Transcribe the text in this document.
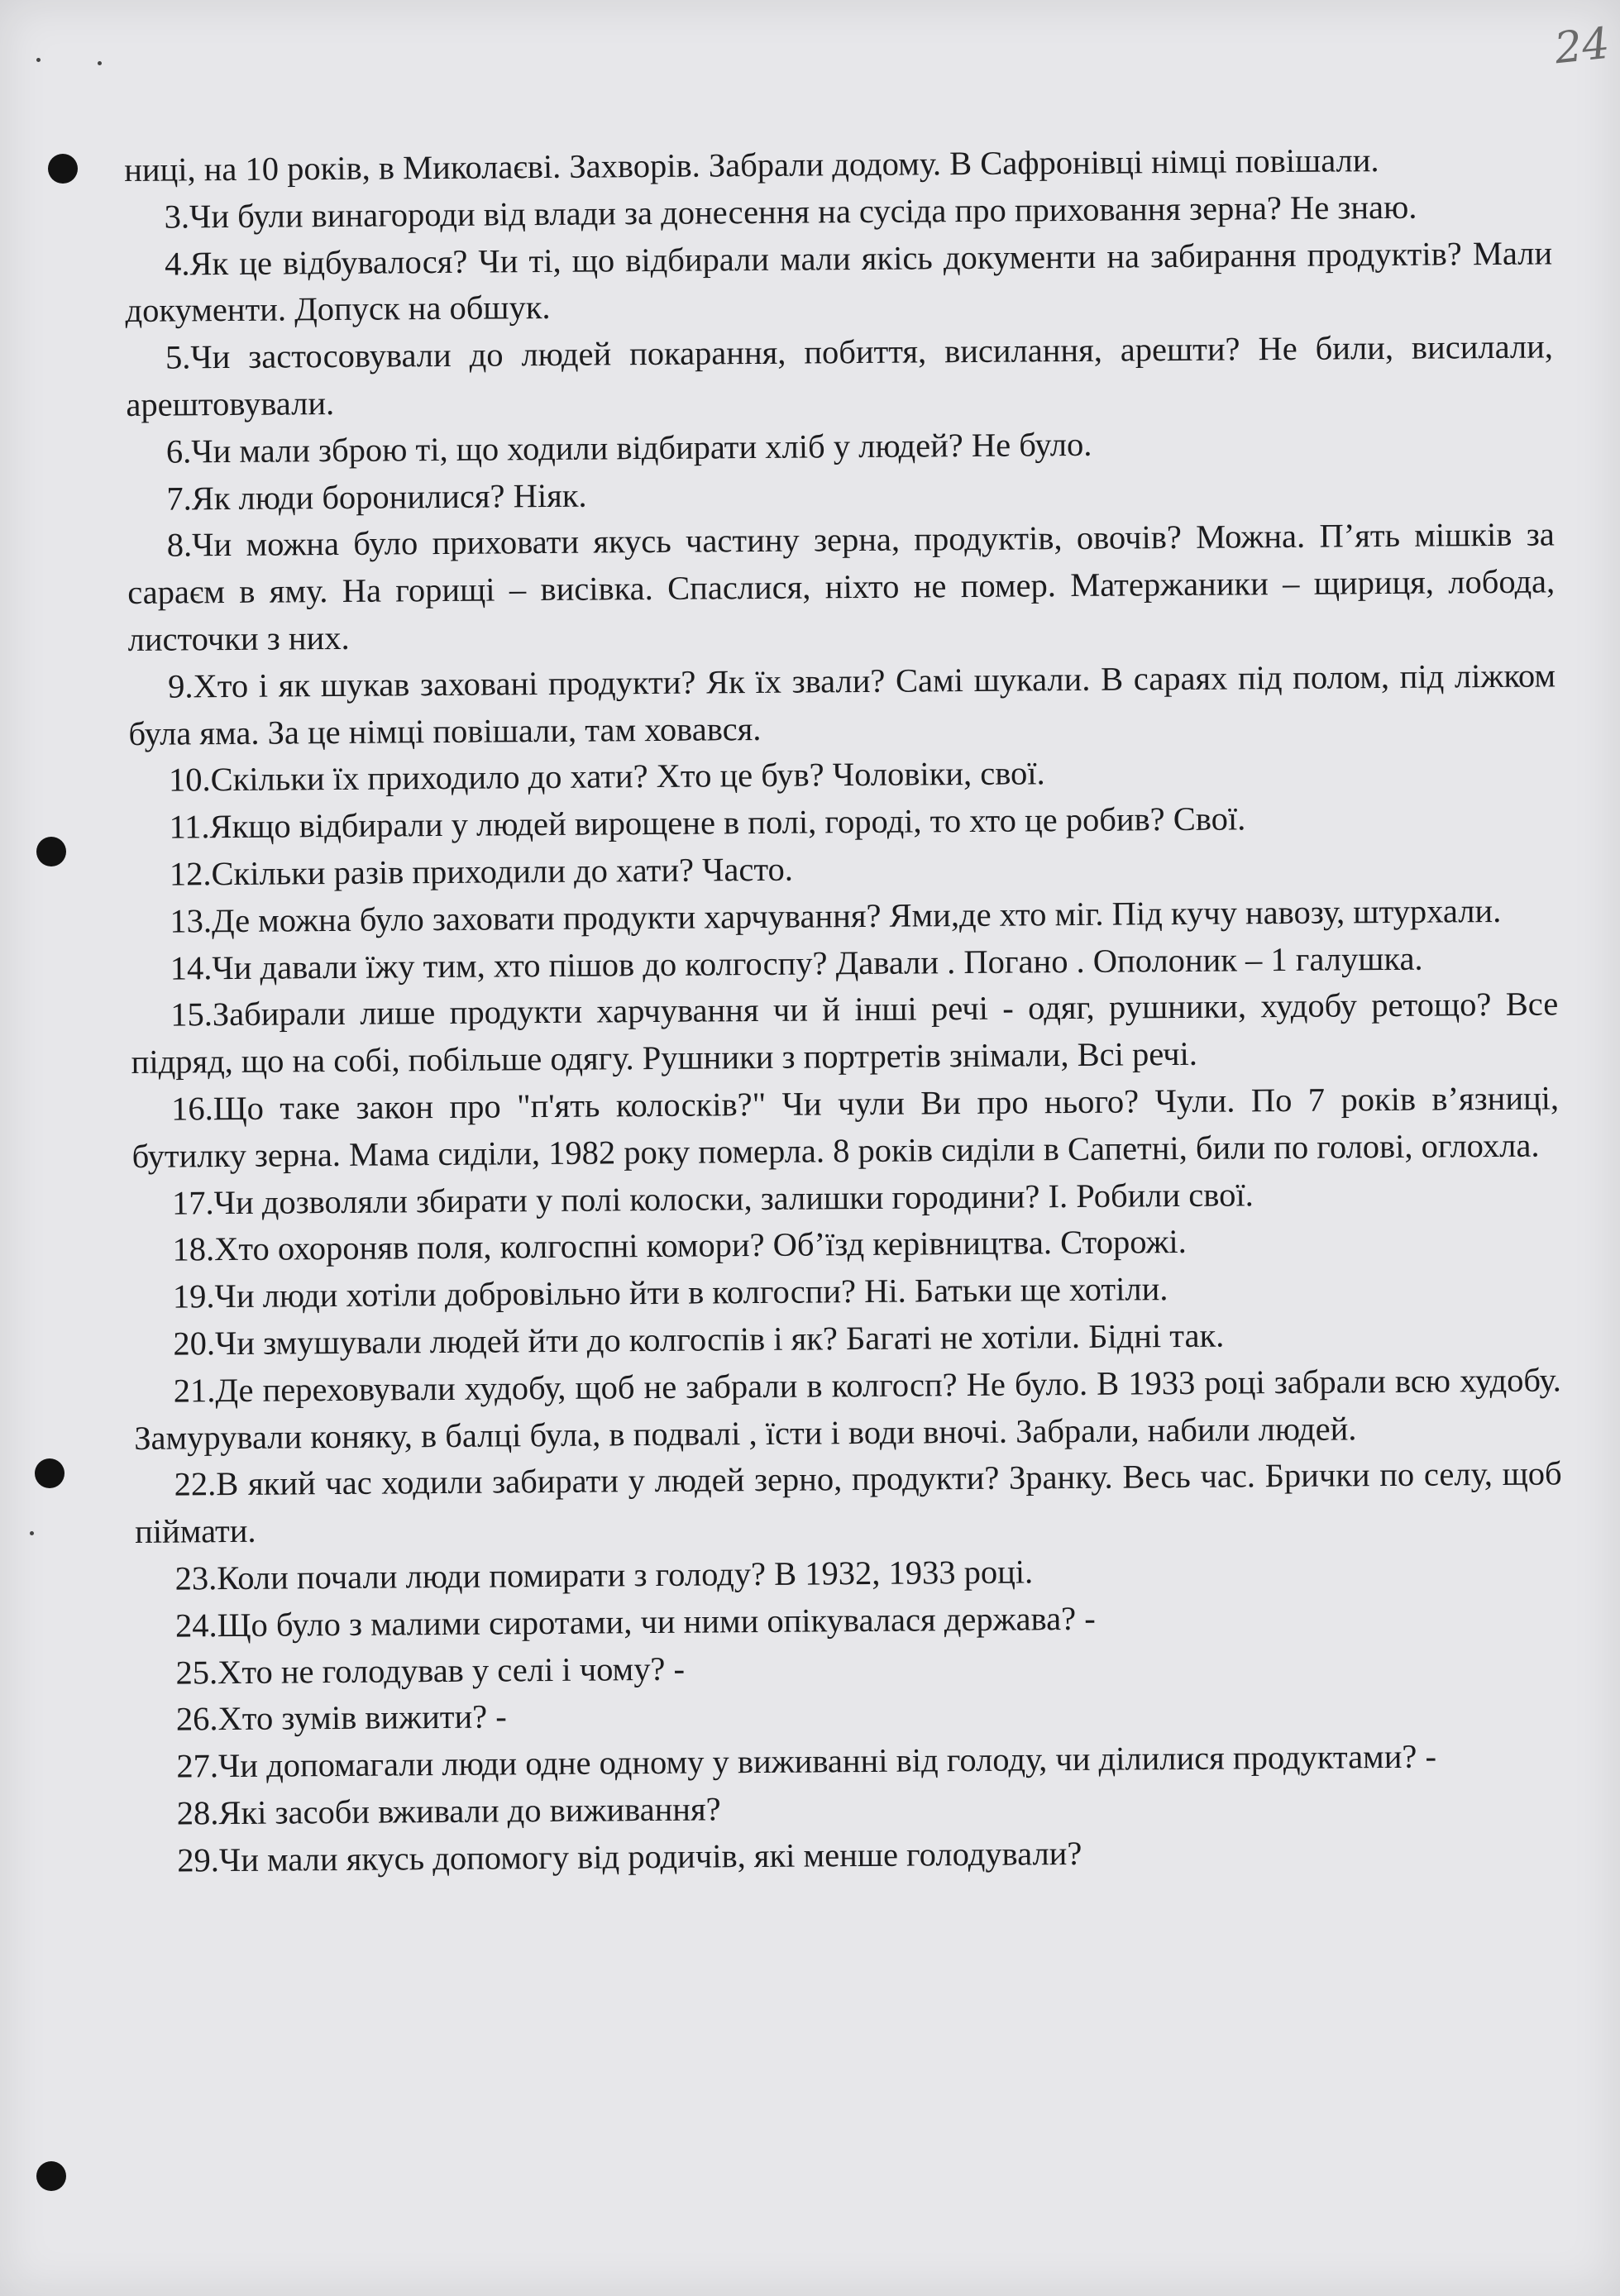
24

ниці, на 10 років, в Миколаєві. Захворів. Забрали додому. В Сафронівці німці повішали.

3.Чи були винагороди від влади за донесення на сусіда про приховання зерна? Не знаю.

4.Як це відбувалося? Чи ті, що відбирали мали якісь документи на забирання продуктів? Мали документи. Допуск на обшук.

5.Чи застосовували до людей покарання, побиття, висилання, арешти? Не били, висилали, арештовували.

6.Чи мали зброю ті, що ходили відбирати хліб у людей? Не було.

7.Як люди боронилися? Ніяк.

8.Чи можна було приховати якусь частину зерна, продуктів, овочів? Можна. П’ять мішків за сараєм в яму. На горищі – висівка. Спаслися, ніхто не помер. Матержаники – щириця, лобода, листочки з них.

9.Хто і як шукав заховані продукти? Як їх звали? Самі шукали. В сараях під полом, під ліжком була яма. За це німці повішали, там ховався.

10.Скільки їх приходило до хати? Хто це був? Чоловіки, свої.

11.Якщо відбирали у людей вирощене в полі, городі, то хто це робив? Свої.

12.Скільки разів приходили до хати? Часто.

13.Де можна було заховати продукти харчування? Ями,де хто міг. Під кучу навозу, штурхали.

14.Чи давали їжу тим, хто пішов до колгоспу? Давали . Погано . Ополоник – 1 галушка.

15.Забирали лише продукти харчування чи й інші речі - одяг, рушники, худобу ретощо? Все підряд, що на собі, побільше одягу. Рушники з портретів знімали, Всі речі.

16.Що таке закон про "п'ять колосків?" Чи чули Ви про нього? Чули. По 7 років в’язниці, бутилку зерна. Мама сиділи, 1982 року померла. 8 років сиділи в Сапетні, били по голові, оглохла.

17.Чи дозволяли збирати у полі колоски, залишки городини? І. Робили свої.

18.Хто охороняв поля, колгоспні комори? Об’їзд керівництва. Сторожі.

19.Чи люди хотіли добровільно йти в колгоспи? Ні. Батьки ще хотіли.

20.Чи змушували людей йти до колгоспів і як? Багаті не хотіли. Бідні так.

21.Де переховували худобу, щоб не забрали в колгосп? Не було. В 1933 році забрали всю худобу. Замурували коняку, в балці була, в подвалі , їсти і води вночі. Забрали, набили людей.

22.В який час ходили забирати у людей зерно, продукти? Зранку. Весь час. Брички по селу, щоб піймати.

23.Коли почали люди помирати з голоду? В 1932, 1933 році.

24.Що було з малими сиротами, чи ними опікувалася держава? -

25.Хто не голодував у селі і чому? -

26.Хто зумів вижити? -

27.Чи допомагали люди одне одному у виживанні від голоду, чи ділилися продуктами? -

28.Які засоби вживали до виживання?

29.Чи мали якусь допомогу від родичів, які менше голодували?
